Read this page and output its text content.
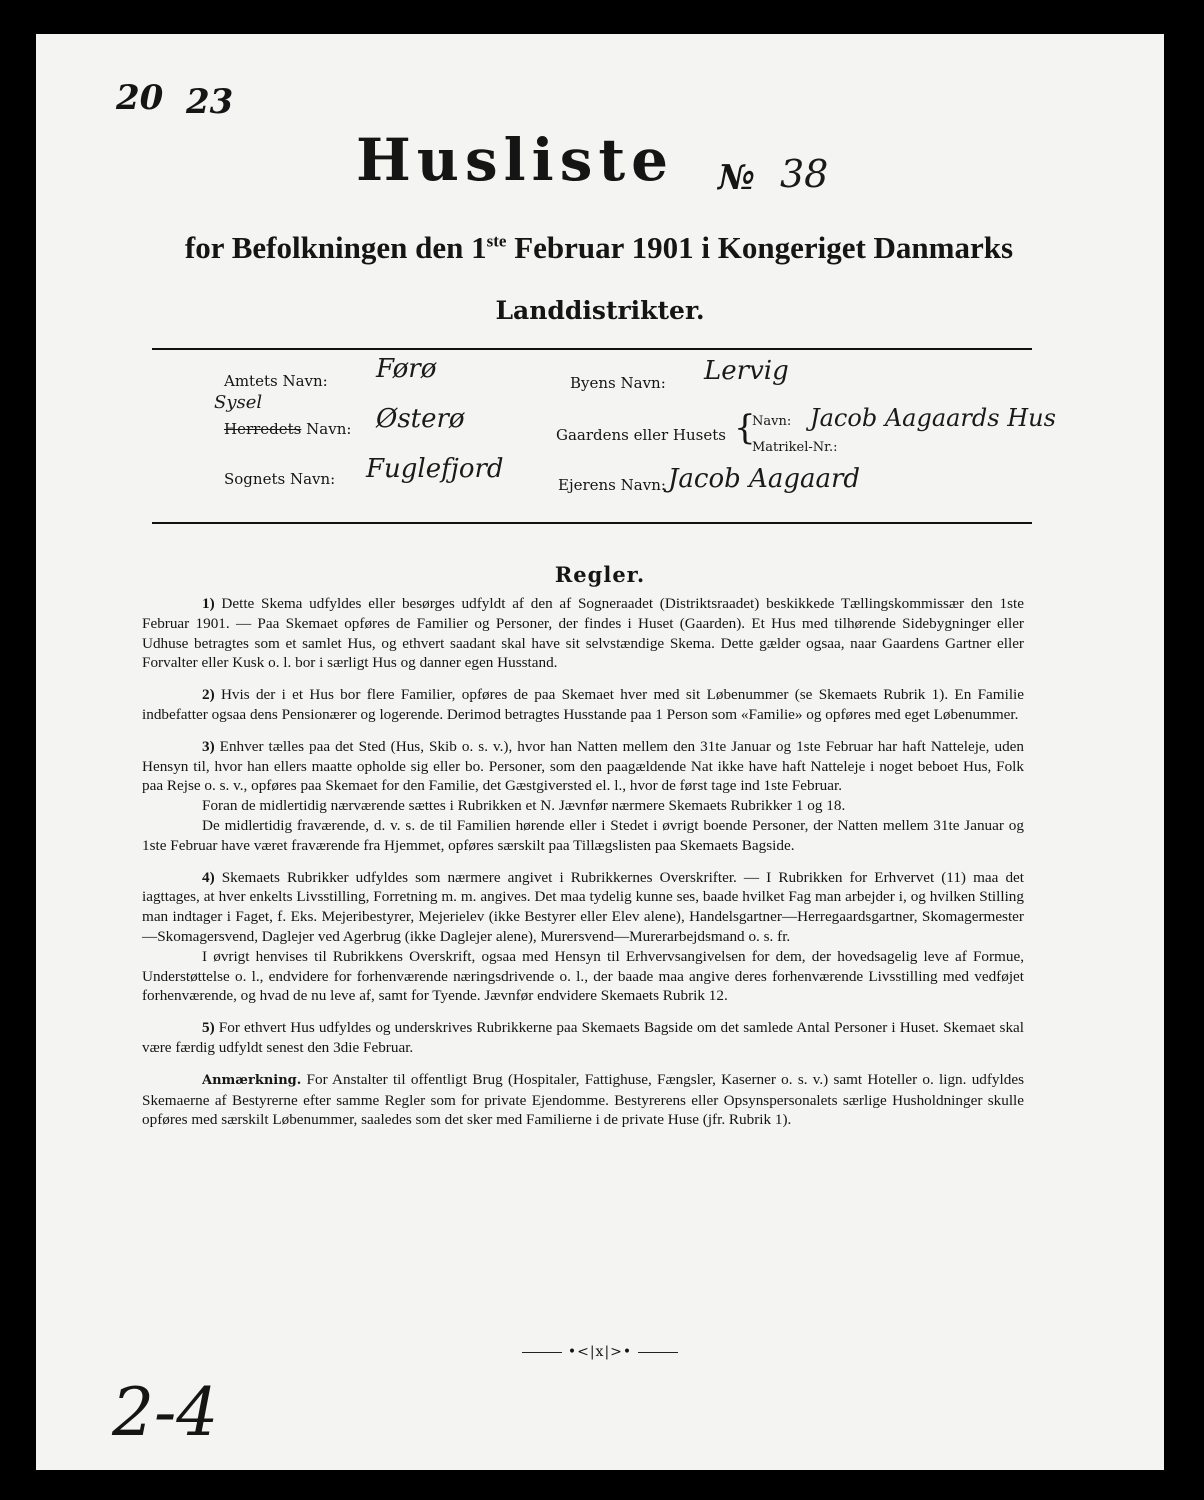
20 23
Husliste № 38
for Befolkningen den 1ste Februar 1901 i Kongeriget Danmarks
Landdistrikter.
Amtets Navn: Førø	Byens Navn: Lervig
Sysel
Herredets Navn: Østerø
Gaardens eller Husets {
Navn: Jacob Aagaards Hus
Matrikel-Nr.:
Sognets Navn: Fuglefjord
Ejerens Navn: Jacob Aagaard
Regler.

1) Dette Skema udfyldes eller besørges udfyldt af den af Sogneraadet (Distriktsraadet) beskikkede Tællingskommissær den 1ste Februar 1901. — Paa Skemaet opføres de Familier og Personer, der findes i Huset (Gaarden). Et Hus med tilhørende Sidebygninger eller Udhuse betragtes som et samlet Hus, og ethvert saadant skal have sit selvstændige Skema. Dette gælder ogsaa, naar Gaardens Gartner eller Forvalter eller Kusk o. l. bor i særligt Hus og danner egen Husstand.

2) Hvis der i et Hus bor flere Familier, opføres de paa Skemaet hver med sit Løbenummer (se Skemaets Rubrik 1). En Familie indbefatter ogsaa dens Pensionærer og logerende. Derimod betragtes Husstande paa 1 Person som «Familie» og opføres med eget Løbenummer.

3) Enhver tælles paa det Sted (Hus, Skib o. s. v.), hvor han Natten mellem den 31te Januar og 1ste Februar har haft Natteleje, uden Hensyn til, hvor han ellers maatte opholde sig eller bo. Personer, som den paagældende Nat ikke have haft Natteleje i noget beboet Hus, Folk paa Rejse o. s. v., opføres paa Skemaet for den Familie, det Gæstgiversted el. l., hvor de først tage ind 1ste Februar.

Foran de midlertidig nærværende sættes i Rubrikken et N. Jævnfør nærmere Skemaets Rubrikker 1 og 18.

De midlertidig fraværende, d. v. s. de til Familien hørende eller i Stedet i øvrigt boende Personer, der Natten mellem 31te Januar og 1ste Februar have været fraværende fra Hjemmet, opføres særskilt paa Tillægslisten paa Skemaets Bagside.

4) Skemaets Rubrikker udfyldes som nærmere angivet i Rubrikkernes Overskrifter. — I Rubrikken for Erhvervet (11) maa det iagttages, at hver enkelts Livsstilling, Forretning m. m. angives. Det maa tydelig kunne ses, baade hvilket Fag man arbejder i, og hvilken Stilling man indtager i Faget, f. Eks. Mejeribestyrer, Mejerielev (ikke Bestyrer eller Elev alene), Handelsgartner—Herregaardsgartner, Skomagermester—Skomagersvend, Daglejer ved Agerbrug (ikke Daglejer alene), Murersvend—Murerarbejdsmand o. s. fr.

I øvrigt henvises til Rubrikkens Overskrift, ogsaa med Hensyn til Erhvervsangivelsen for dem, der hovedsagelig leve af Formue, Understøttelse o. l., endvidere for forhenværende næringsdrivende o. l., der baade maa angive deres forhenværende Livsstilling med vedføjet forhenværende, og hvad de nu leve af, samt for Tyende. Jævnfør endvidere Skemaets Rubrik 12.

5) For ethvert Hus udfyldes og underskrives Rubrikkerne paa Skemaets Bagside om det samlede Antal Personer i Huset. Skemaet skal være færdig udfyldt senest den 3die Februar.

Anmærkning. For Anstalter til offentligt Brug (Hospitaler, Fattighuse, Fængsler, Kaserner o. s. v.) samt Hoteller o. lign. udfyldes Skemaerne af Bestyrerne efter samme Regler som for private Ejendomme. Bestyrerens eller Opsynspersonalets særlige Husholdninger skulle opføres med særskilt Løbenummer, saaledes som det sker med Familierne i de private Huse (jfr. Rubrik 1).

•<|x|>•
2-4
